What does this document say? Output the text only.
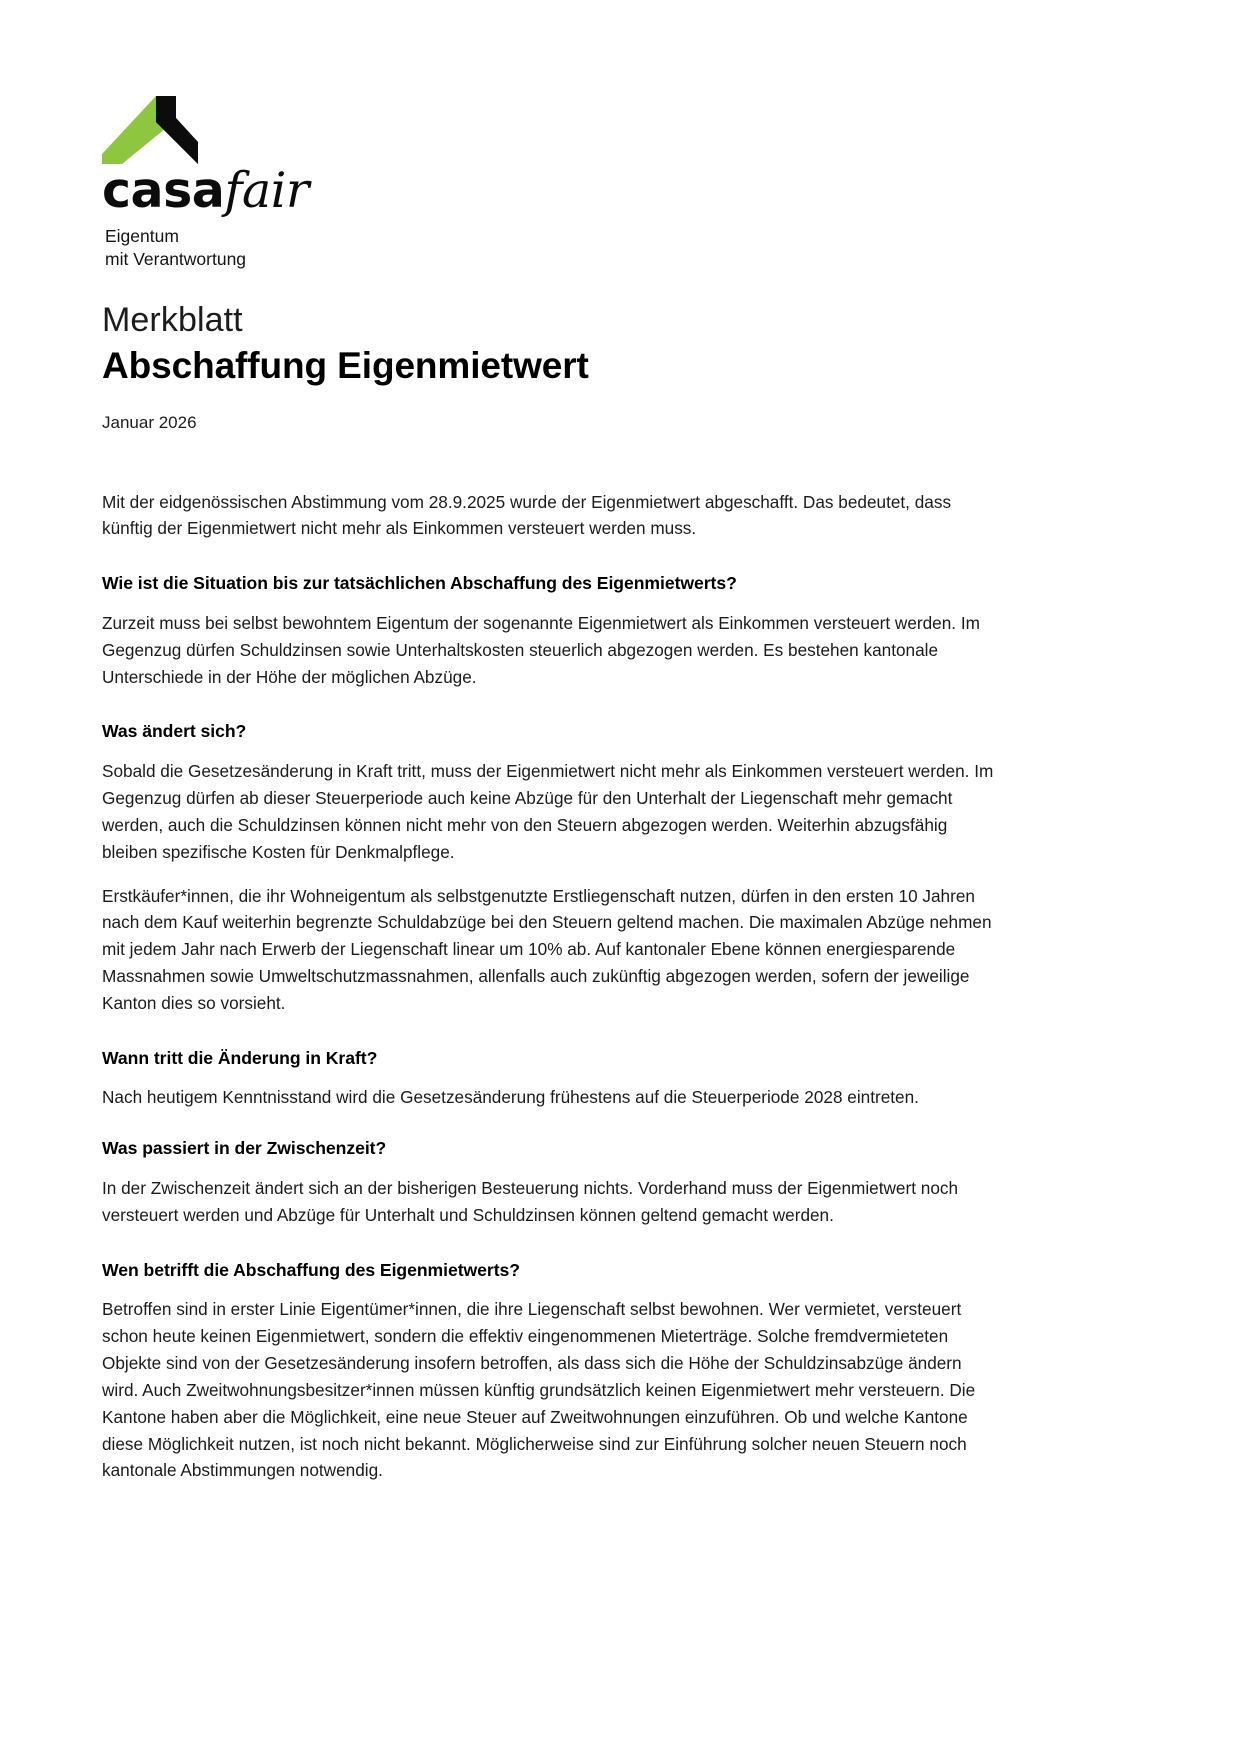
casafair
Eigentum
mit Verantwortung
Merkblatt
Abschaffung Eigenmietwert
Januar 2026

Mit der eidgenössischen Abstimmung vom 28.9.2025 wurde der Eigenmietwert abgeschafft. Das bedeutet, dass künftig der Eigenmietwert nicht mehr als Einkommen versteuert werden muss.

Wie ist die Situation bis zur tatsächlichen Abschaffung des Eigenmietwerts?

Zurzeit muss bei selbst bewohntem Eigentum der sogenannte Eigenmietwert als Einkommen versteuert werden. Im Gegenzug dürfen Schuldzinsen sowie Unterhaltskosten steuerlich abgezogen werden. Es bestehen kantonale Unterschiede in der Höhe der möglichen Abzüge.

Was ändert sich?

Sobald die Gesetzesänderung in Kraft tritt, muss der Eigenmietwert nicht mehr als Einkommen versteuert werden. Im Gegenzug dürfen ab dieser Steuerperiode auch keine Abzüge für den Unterhalt der Liegenschaft mehr gemacht werden, auch die Schuldzinsen können nicht mehr von den Steuern abgezogen werden. Weiterhin abzugsfähig bleiben spezifische Kosten für Denkmalpflege.

Erstkäufer*innen, die ihr Wohneigentum als selbstgenutzte Erstliegenschaft nutzen, dürfen in den ersten 10 Jahren nach dem Kauf weiterhin begrenzte Schuldabzüge bei den Steuern geltend machen. Die maximalen Abzüge nehmen mit jedem Jahr nach Erwerb der Liegenschaft linear um 10% ab. Auf kantonaler Ebene können energiesparende Massnahmen sowie Umweltschutzmassnahmen, allenfalls auch zukünftig abgezogen werden, sofern der jeweilige Kanton dies so vorsieht.

Wann tritt die Änderung in Kraft?

Nach heutigem Kenntnisstand wird die Gesetzesänderung frühestens auf die Steuerperiode 2028 eintreten.

Was passiert in der Zwischenzeit?

In der Zwischenzeit ändert sich an der bisherigen Besteuerung nichts. Vorderhand muss der Eigenmietwert noch versteuert werden und Abzüge für Unterhalt und Schuldzinsen können geltend gemacht werden.

Wen betrifft die Abschaffung des Eigenmietwerts?

Betroffen sind in erster Linie Eigentümer*innen, die ihre Liegenschaft selbst bewohnen. Wer vermietet, versteuert schon heute keinen Eigenmietwert, sondern die effektiv eingenommenen Mieterträge. Solche fremdvermieteten Objekte sind von der Gesetzesänderung insofern betroffen, als dass sich die Höhe der Schuldzinsabzüge ändern wird. Auch Zweitwohnungsbesitzer*innen müssen künftig grundsätzlich keinen Eigenmietwert mehr versteuern. Die Kantone haben aber die Möglichkeit, eine neue Steuer auf Zweitwohnungen einzuführen. Ob und welche Kantone diese Möglichkeit nutzen, ist noch nicht bekannt. Möglicherweise sind zur Einführung solcher neuen Steuern noch kantonale Abstimmungen notwendig.
